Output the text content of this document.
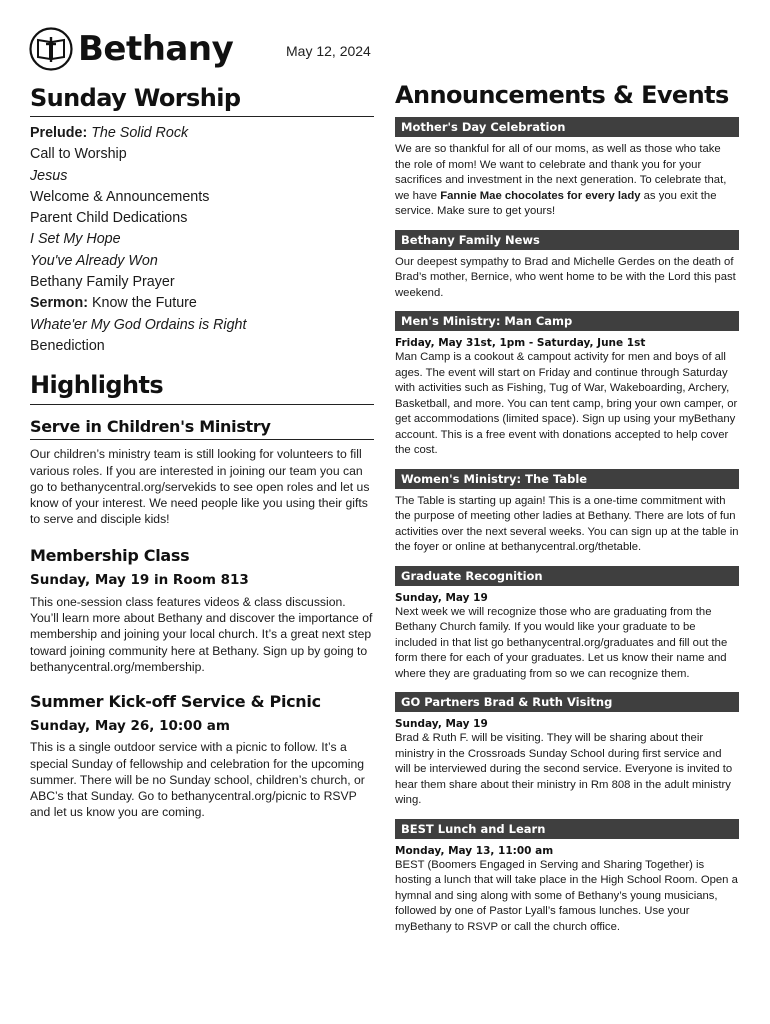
Bethany	May 12, 2024
Sunday Worship
Prelude: The Solid Rock
Call to Worship
Jesus
Welcome & Announcements
Parent Child Dedications
I Set My Hope
You've Already Won
Bethany Family Prayer
Sermon: Know the Future
Whate'er My God Ordains is Right
Benediction
Highlights
Serve in Children's Ministry

Our children’s ministry team is still looking for volunteers to fill various roles. If you are interested in joining our team you can go to bethanycentral.org/servekids to see open roles and let us know of your interest. We need people like you using their gifts to serve and disciple kids!

Membership Class
Sunday, May 19 in Room 813

This one-session class features videos & class discussion. You’ll learn more about Bethany and discover the importance of membership and joining your local church. It’s a great next step toward joining community here at Bethany. Sign up by going to bethanycentral.org/membership.

Summer Kick-off Service & Picnic
Sunday, May 26, 10:00 am

This is a single outdoor service with a picnic to follow. It’s a special Sunday of fellowship and celebration for the upcoming summer. There will be no Sunday school, children’s church, or ABC’s that Sunday. Go to bethanycentral.org/picnic to RSVP and let us know you are coming.

Announcements & Events
Mother's Day Celebration

We are so thankful for all of our moms, as well as those who take the role of mom! We want to celebrate and thank you for your sacrifices and investment in the next generation. To celebrate that, we have Fannie Mae chocolates for every lady as you exit the service. Make sure to get yours!

Bethany Family News

Our deepest sympathy to Brad and Michelle Gerdes on the death of Brad’s mother, Bernice, who went home to be with the Lord this past weekend.

Men's Ministry: Man Camp

Friday, May 31st, 1pm - Saturday, June 1st

Man Camp is a cookout & campout activity for men and boys of all ages. The event will start on Friday and continue through Saturday with activities such as Fishing, Tug of War, Wakeboarding, Archery, Basketball, and more. You can tent camp, bring your own camper, or get accommodations (limited space). Sign up using your myBethany account. This is a free event with donations accepted to help cover the cost.

Women's Ministry: The Table

The Table is starting up again! This is a one-time commitment with the purpose of meeting other ladies at Bethany. There are lots of fun activities over the next several weeks. You can sign up at the table in the foyer or online at bethanycentral.org/thetable.

Graduate Recognition

Sunday, May 19

Next week we will recognize those who are graduating from the Bethany Church family. If you would like your graduate to be included in that list go bethanycentral.org/graduates and fill out the form there for each of your graduates. Let us know their name and where they are graduating from so we can recognize them.

GO Partners Brad & Ruth Visitng

Sunday, May 19

Brad & Ruth F. will be visiting. They will be sharing about their ministry in the Crossroads Sunday School during first service and will be interviewed during the second service. Everyone is invited to hear them share about their ministry in Rm 808 in the adult ministry wing.

BEST Lunch and Learn

Monday, May 13, 11:00 am

BEST (Boomers Engaged in Serving and Sharing Together) is hosting a lunch that will take place in the High School Room. Open a hymnal and sing along with some of Bethany’s young musicians, followed by one of Pastor Lyall’s famous lunches. Use your myBethany to RSVP or call the church office.
